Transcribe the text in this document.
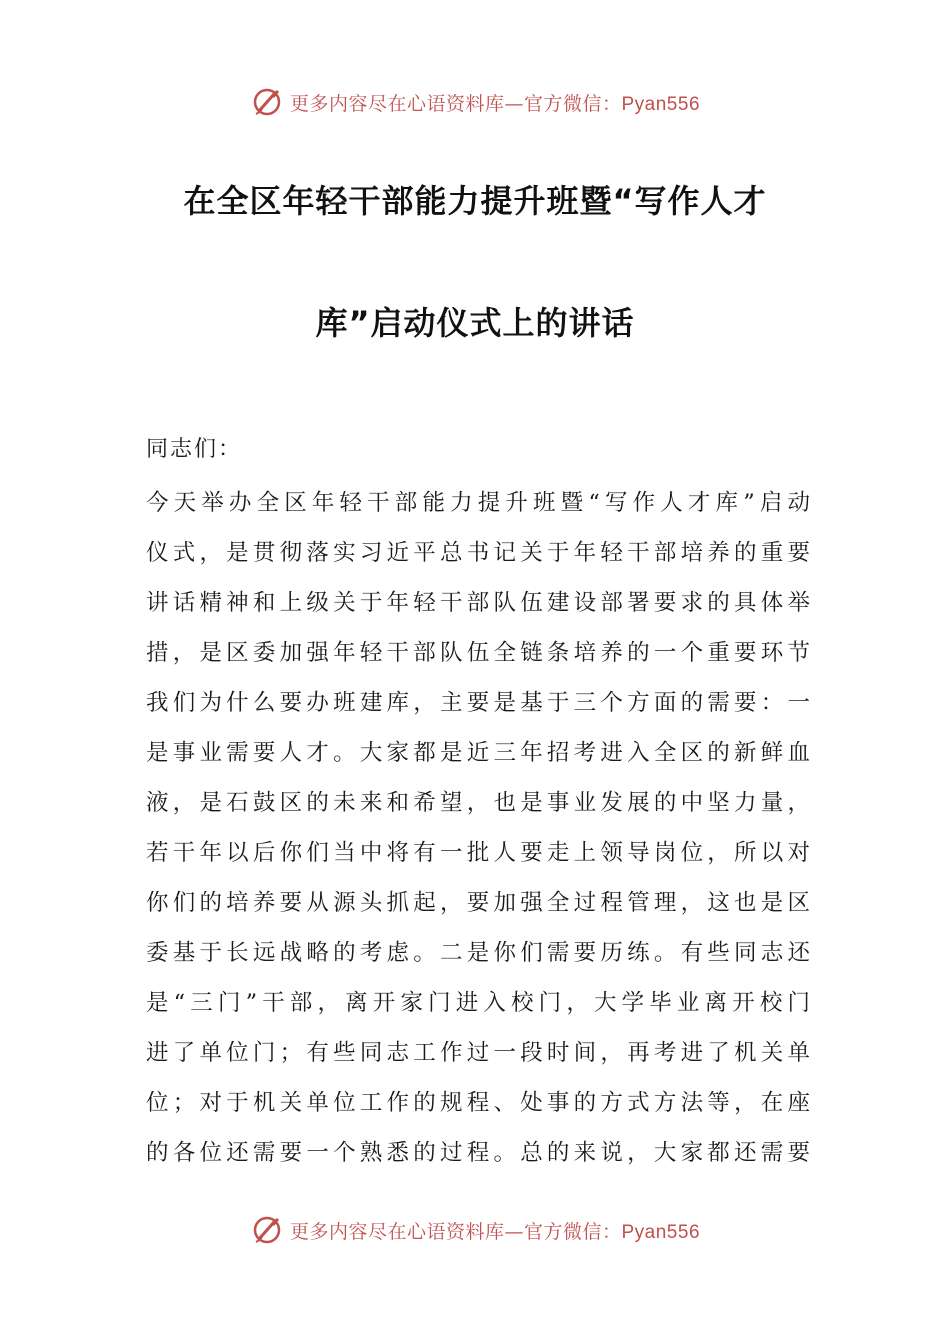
更多内容尽在心语资料库—官方微信：Pyan556
在全区年轻干部能力提升班暨“写作人才
库”启动仪式上的讲话

同志们：

今天举办全区年轻干部能力提升班暨“写作人才库”启动
仪式，是贯彻落实习近平总书记关于年轻干部培养的重要
讲话精神和上级关于年轻干部队伍建设部署要求的具体举
措，是区委加强年轻干部队伍全链条培养的一个重要环节
我们为什么要办班建库，主要是基于三个方面的需要：一
是事业需要人才。大家都是近三年招考进入全区的新鲜血
液，是石鼓区的未来和希望，也是事业发展的中坚力量，
若干年以后你们当中将有一批人要走上领导岗位，所以对
你们的培养要从源头抓起，要加强全过程管理，这也是区
委基于长远战略的考虑。二是你们需要历练。有些同志还
是“三门”干部，离开家门进入校门，大学毕业离开校门
进了单位门；有些同志工作过一段时间，再考进了机关单
位；对于机关单位工作的规程、处事的方式方法等，在座
的各位还需要一个熟悉的过程。总的来说，大家都还需要
更多内容尽在心语资料库—官方微信：Pyan556
